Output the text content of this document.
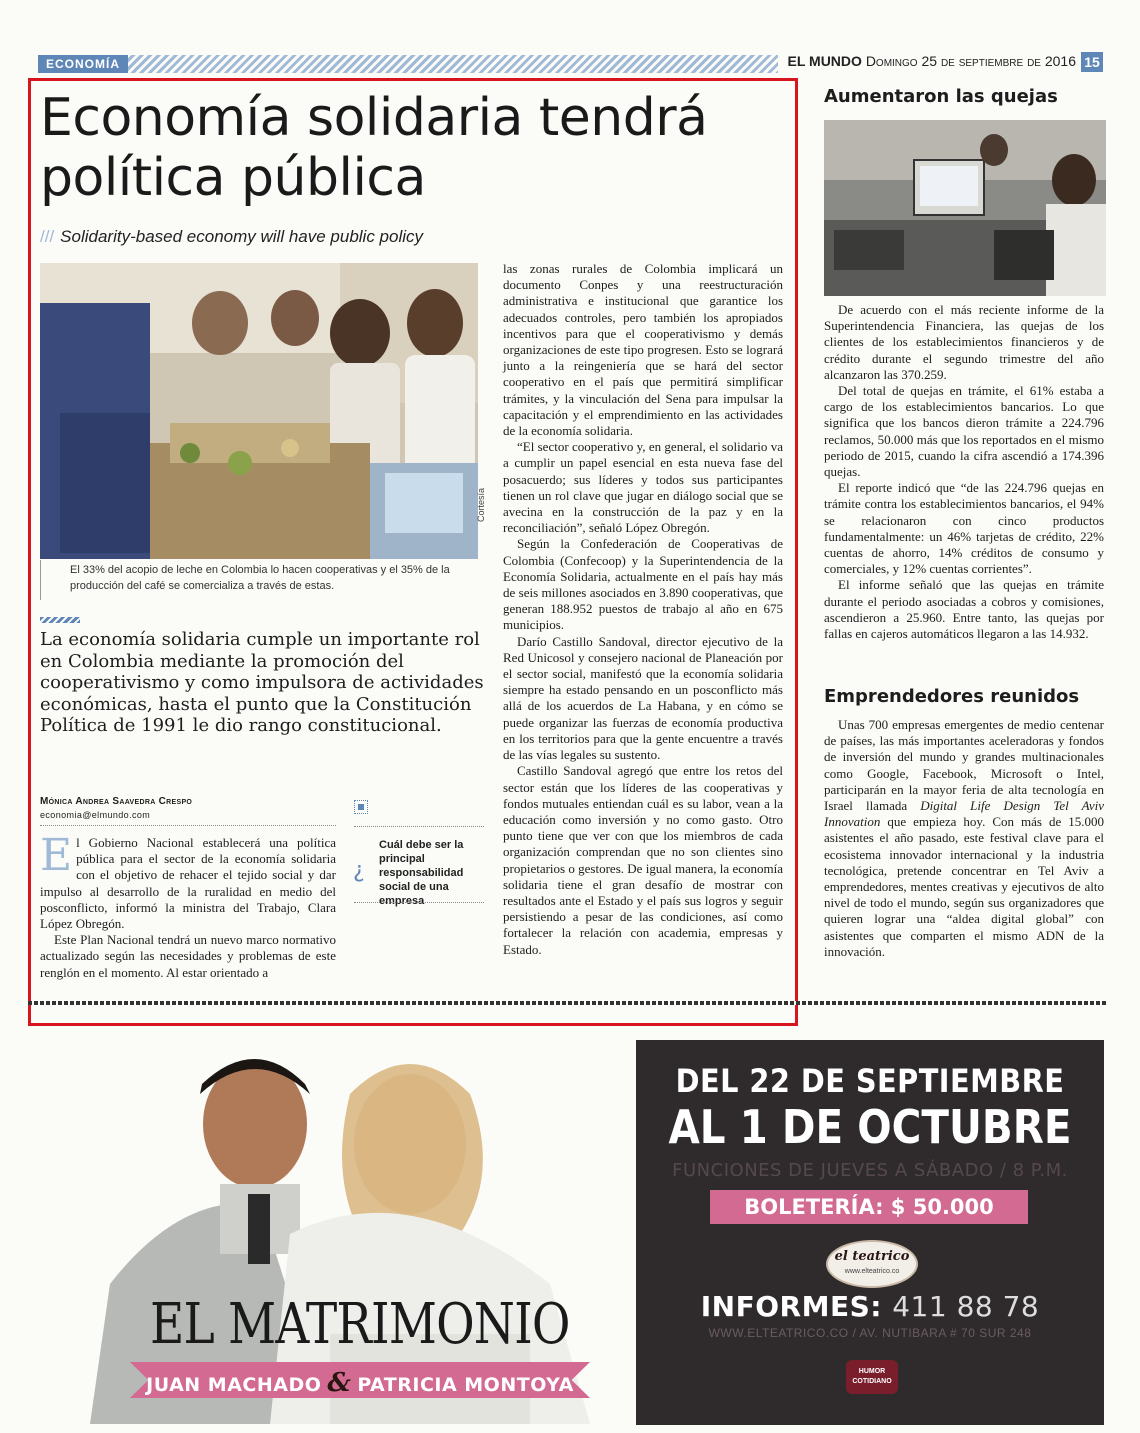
ECONOMÍA	EL MUNDO Domingo 25 de septiembre de 2016 15
Economía solidaria tendrá política pública
/// Solidarity-based economy will have public policy
Cortesía
El 33% del acopio de leche en Colombia lo hacen cooperativas y el 35% de la producción del café se comercializa a través de estas.
La economía solidaria cumple un importante rol en Colombia mediante la promoción del cooperativismo y como impulsora de actividades económicas, hasta el punto que la Constitución Política de 1991 le dio rango constitucional.
Mónica Andrea Saavedra Crespo
economia@elmundo.com

El Gobierno Nacional establecerá una política pública para el sector de la economía solidaria con el objetivo de rehacer el tejido social y dar impulso al desarrollo de la ruralidad en medio del posconflicto, informó la ministra del Trabajo, Clara López Obregón.

Este Plan Nacional tendrá un nuevo marco normativo actualizado según las necesidades y problemas de este renglón en el momento. Al estar orientado a

¿
Cuál debe ser la principal responsabilidad social de una empresa

las zonas rurales de Colombia implicará un documento Conpes y una reestructuración administrativa e institucional que garantice los adecuados controles, pero también los apropiados incentivos para que el cooperativismo y demás organizaciones de este tipo progresen. Esto se logrará junto a la reingeniería que se hará del sector cooperativo en el país que permitirá simplificar trámites, y la vinculación del Sena para impulsar la capacitación y el emprendimiento en las actividades de la economía solidaria.

“El sector cooperativo y, en general, el solidario va a cumplir un papel esencial en esta nueva fase del posacuerdo; sus líderes y todos sus participantes tienen un rol clave que jugar en diálogo social que se avecina en la construcción de la paz y en la reconciliación”, señaló López Obregón.

Según la Confederación de Cooperativas de Colombia (Confecoop) y la Superintendencia de la Economía Solidaria, actualmente en el país hay más de seis millones asociados en 3.890 cooperativas, que generan 188.952 puestos de trabajo al año en 675 municipios.

Darío Castillo Sandoval, director ejecutivo de la Red Unicosol y consejero nacional de Planeación por el sector social, manifestó que la economía solidaria siempre ha estado pensando en un posconflicto más allá de los acuerdos de La Habana, y en cómo se puede organizar las fuerzas de economía productiva en los territorios para que la gente encuentre a través de las vías legales su sustento.

Castillo Sandoval agregó que entre los retos del sector están que los líderes de las cooperativas y fondos mutuales entiendan cuál es su labor, vean a la educación como inversión y no como gasto. Otro punto tiene que ver con que los miembros de cada organización comprendan que no son clientes sino propietarios o gestores. De igual manera, la economía solidaria tiene el gran desafío de mostrar con resultados ante el Estado y el país sus logros y seguir persistiendo a pesar de las condiciones, así como fortalecer la relación con academia, empresas y Estado.

Aumentaron las quejas

De acuerdo con el más reciente informe de la Superintendencia Financiera, las quejas de los clientes de los establecimientos financieros y de crédito durante el segundo trimestre del año alcanzaron las 370.259.

Del total de quejas en trámite, el 61% estaba a cargo de los establecimientos bancarios. Lo que significa que los bancos dieron trámite a 224.796 reclamos, 50.000 más que los reportados en el mismo periodo de 2015, cuando la cifra ascendió a 174.396 quejas.

El reporte indicó que “de las 224.796 quejas en trámite contra los establecimientos bancarios, el 94% se relacionaron con cinco productos fundamentalmente: un 46% tarjetas de crédito, 22% cuentas de ahorro, 14% créditos de consumo y comerciales, y 12% cuentas corrientes”.

El informe señaló que las quejas en trámite durante el periodo asociadas a cobros y comisiones, ascendieron a 25.960. Entre tanto, las quejas por fallas en cajeros automáticos llegaron a las 14.932.

Emprendedores reunidos

Unas 700 empresas emergentes de medio centenar de países, las más importantes aceleradoras y fondos de inversión del mundo y grandes multinacionales como Google, Facebook, Microsoft o Intel, participarán en la mayor feria de alta tecnología en Israel llamada Digital Life Design Tel Aviv Innovation que empieza hoy. Con más de 15.000 asistentes el año pasado, este festival clave para el ecosistema innovador internacional y la industria tecnológica, pretende concentrar en Tel Aviv a emprendedores, mentes creativas y ejecutivos de alto nivel de todo el mundo, según sus organizadores que quieren lograr una “aldea digital global” con asistentes que comparten el mismo ADN de la innovación.

EL MATRIMONIO
JUAN MACHADO & PATRICIA MONTOYA
DEL 22 DE SEPTIEMBRE
AL 1 DE OCTUBRE
FUNCIONES DE JUEVES A SÁBADO / 8 P.M.
BOLETERÍA: $ 50.000
el teatrico
www.elteatrico.co
INFORMES: 411 88 78
WWW.ELTEATRICO.CO / AV. NUTIBARA # 70 SUR 248
HUMOR COTIDIANO
